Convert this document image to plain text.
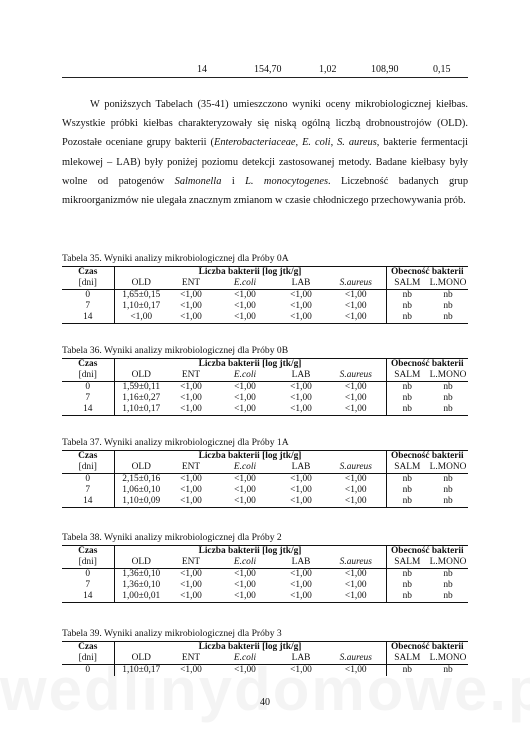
14	154,70	1,02	108,90	0,15

W poniższych Tabelach (35-41) umieszczono wyniki oceny mikrobiologicznej kiełbas. Wszystkie próbki kiełbas charakteryzowały się niską ogólną liczbą drobnoustrojów (OLD). Pozostałe oceniane grupy bakterii (Enterobacteriaceae, E. coli, S. aureus, bakterie fermentacji mlekowej – LAB) były poniżej poziomu detekcji zastosowanej metody. Badane kiełbasy były wolne od patogenów Salmonella i L. monocytogenes. Liczebność badanych grup mikroorganizmów nie ulegała znacznym zmianom w czasie chłodniczego przechowywania prób.

Tabela 35. Wyniki analizy mikrobiologicznej dla Próby 0A
Czas	Liczba bakterii [log jtk/g]					Obecność bakterii	
[dni]	OLD	ENT	E.coli	LAB	S.aureus	SALM	L.MONO
0	1,65±0,15	<1,00	<1,00	<1,00	<1,00	nb	nb
7	1,10±0,17	<1,00	<1,00	<1,00	<1,00	nb	nb
14	<1,00	<1,00	<1,00	<1,00	<1,00	nb	nb
Tabela 36. Wyniki analizy mikrobiologicznej dla Próby 0B
Czas	Liczba bakterii [log jtk/g]					Obecność bakterii	
[dni]	OLD	ENT	E.coli	LAB	S.aureus	SALM	L.MONO
0	1,59±0,11	<1,00	<1,00	<1,00	<1,00	nb	nb
7	1,16±0,27	<1,00	<1,00	<1,00	<1,00	nb	nb
14	1,10±0,17	<1,00	<1,00	<1,00	<1,00	nb	nb
Tabela 37. Wyniki analizy mikrobiologicznej dla Próby 1A
Czas	Liczba bakterii [log jtk/g]					Obecność bakterii	
[dni]	OLD	ENT	E.coli	LAB	S.aureus	SALM	L.MONO
0	2,15±0,16	<1,00	<1,00	<1,00	<1,00	nb	nb
7	1,06±0,10	<1,00	<1,00	<1,00	<1,00	nb	nb
14	1,10±0,09	<1,00	<1,00	<1,00	<1,00	nb	nb
Tabela 38. Wyniki analizy mikrobiologicznej dla Próby 2
Czas	Liczba bakterii [log jtk/g]					Obecność bakterii	
[dni]	OLD	ENT	E.coli	LAB	S.aureus	SALM	L.MONO
0	1,36±0,10	<1,00	<1,00	<1,00	<1,00	nb	nb
7	1,36±0,10	<1,00	<1,00	<1,00	<1,00	nb	nb
14	1,00±0,01	<1,00	<1,00	<1,00	<1,00	nb	nb
Tabela 39. Wyniki analizy mikrobiologicznej dla Próby 3
Czas	Liczba bakterii [log jtk/g]					Obecność bakterii	
[dni]	OLD	ENT	E.coli	LAB	S.aureus	SALM	L.MONO
0	1,10±0,17	<1,00	<1,00	<1,00	<1,00	nb	nb
40
